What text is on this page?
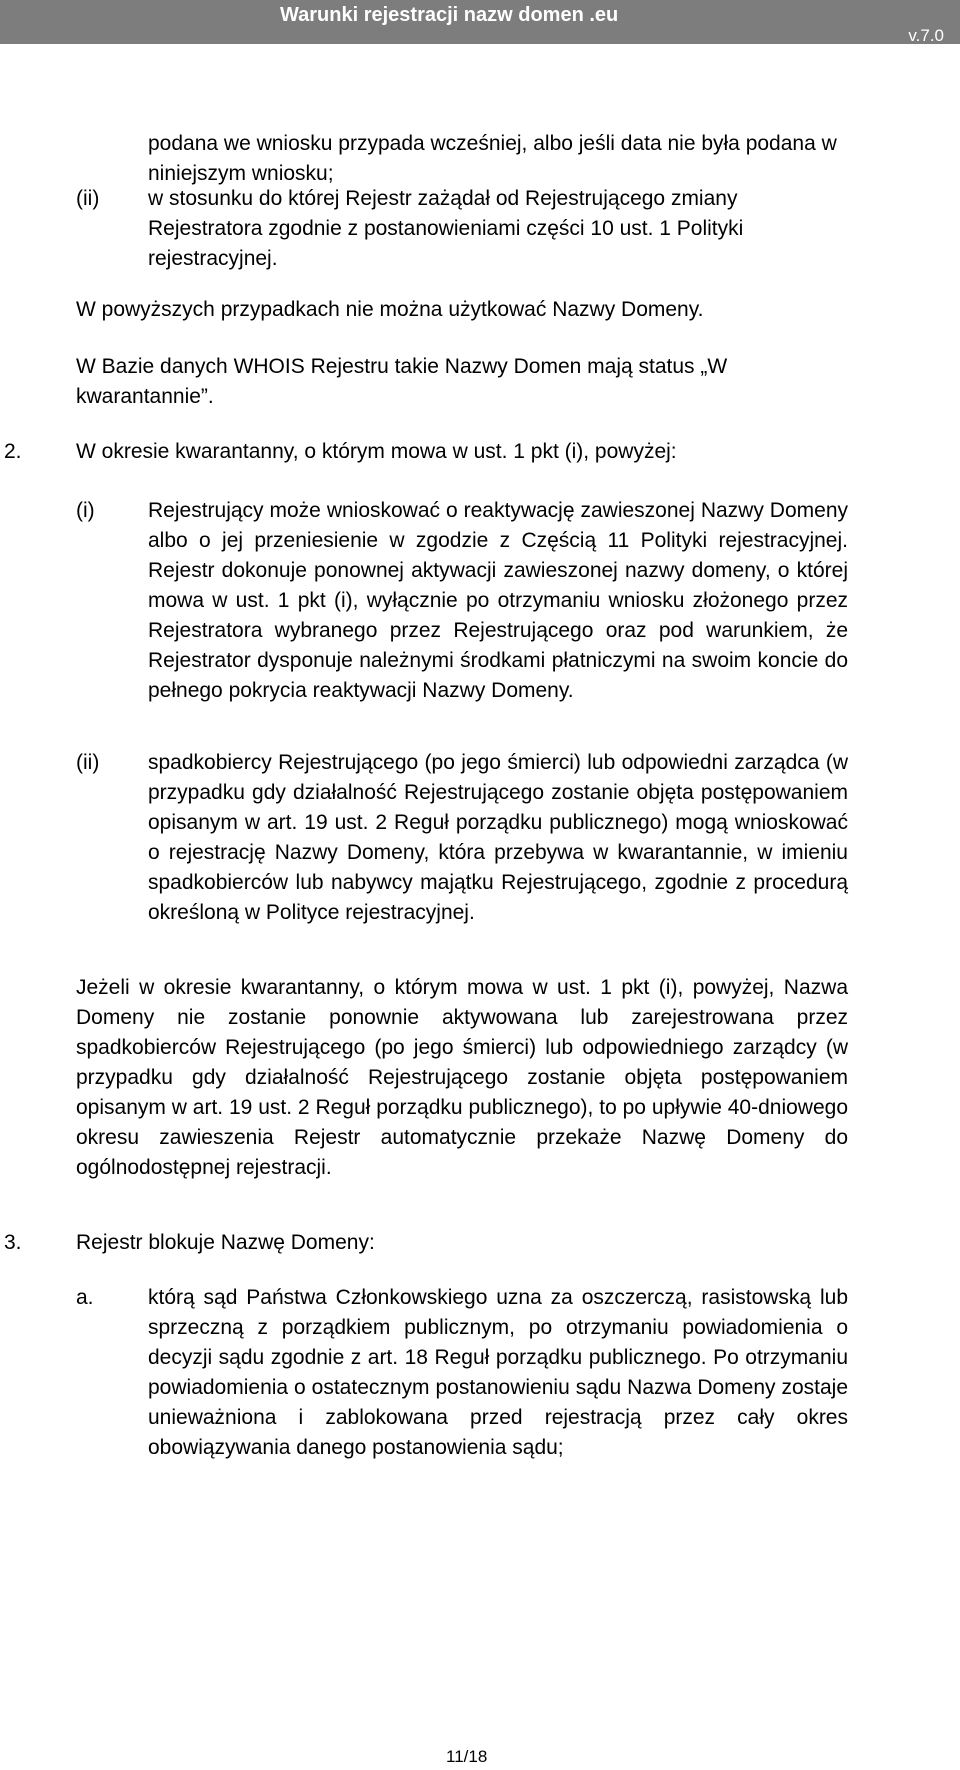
Warunki rejestracji nazw domen .eu
v.7.0
podana we wniosku przypada wcześniej, albo jeśli data nie była podana w niniejszym wniosku;
(ii) w stosunku do której Rejestr zażądał od Rejestrującego zmiany Rejestratora zgodnie z postanowieniami części 10 ust. 1 Polityki rejestracyjnej.
W powyższych przypadkach nie można użytkować Nazwy Domeny.
W Bazie danych WHOIS Rejestru takie Nazwy Domen mają status „W kwarantannie”.
2.	W okresie kwarantanny, o którym mowa w ust. 1 pkt (i), powyżej:
(i)	Rejestrujący może wnioskować o reaktywację zawieszonej Nazwy Domeny albo o jej przeniesienie w zgodzie z Częścią 11 Polityki rejestracyjnej. Rejestr dokonuje ponownej aktywacji zawieszonej nazwy domeny, o której mowa w ust. 1 pkt (i), wyłącznie po otrzymaniu wniosku złożonego przez Rejestratora wybranego przez Rejestrującego oraz pod warunkiem, że Rejestrator dysponuje należnymi środkami płatniczymi na swoim koncie do pełnego pokrycia reaktywacji Nazwy Domeny.
(ii) spadkobiercy Rejestrującego (po jego śmierci) lub odpowiedni zarządca (w przypadku gdy działalność Rejestrującego zostanie objęta postępowaniem opisanym w art. 19 ust. 2 Reguł porządku publicznego) mogą wnioskować o rejestrację Nazwy Domeny, która przebywa w kwarantannie, w imieniu spadkobierców lub nabywcy majątku Rejestrującego, zgodnie z procedurą określoną w Polityce rejestracyjnej.
Jeżeli w okresie kwarantanny, o którym mowa w ust. 1 pkt (i), powyżej, Nazwa Domeny nie zostanie ponownie aktywowana lub zarejestrowana przez spadkobierców Rejestrującego (po jego śmierci) lub odpowiedniego zarządcy (w przypadku gdy działalność Rejestrującego zostanie objęta postępowaniem opisanym w art. 19 ust. 2 Reguł porządku publicznego), to po upływie 40-dniowego okresu zawieszenia Rejestr automatycznie przekaże Nazwę Domeny do ogólnodostępnej rejestracji.
3.	Rejestr blokuje Nazwę Domeny:
a.	którą sąd Państwa Członkowskiego uzna za oszczerczą, rasistowską lub sprzeczną z porządkiem publicznym, po otrzymaniu powiadomienia o decyzji sądu zgodnie z art. 18 Reguł porządku publicznego. Po otrzymaniu powiadomienia o ostatecznym postanowieniu sądu Nazwa Domeny zostaje unieważniona i zablokowana przed rejestracją przez cały okres obowiązywania danego postanowienia sądu;
11/18
